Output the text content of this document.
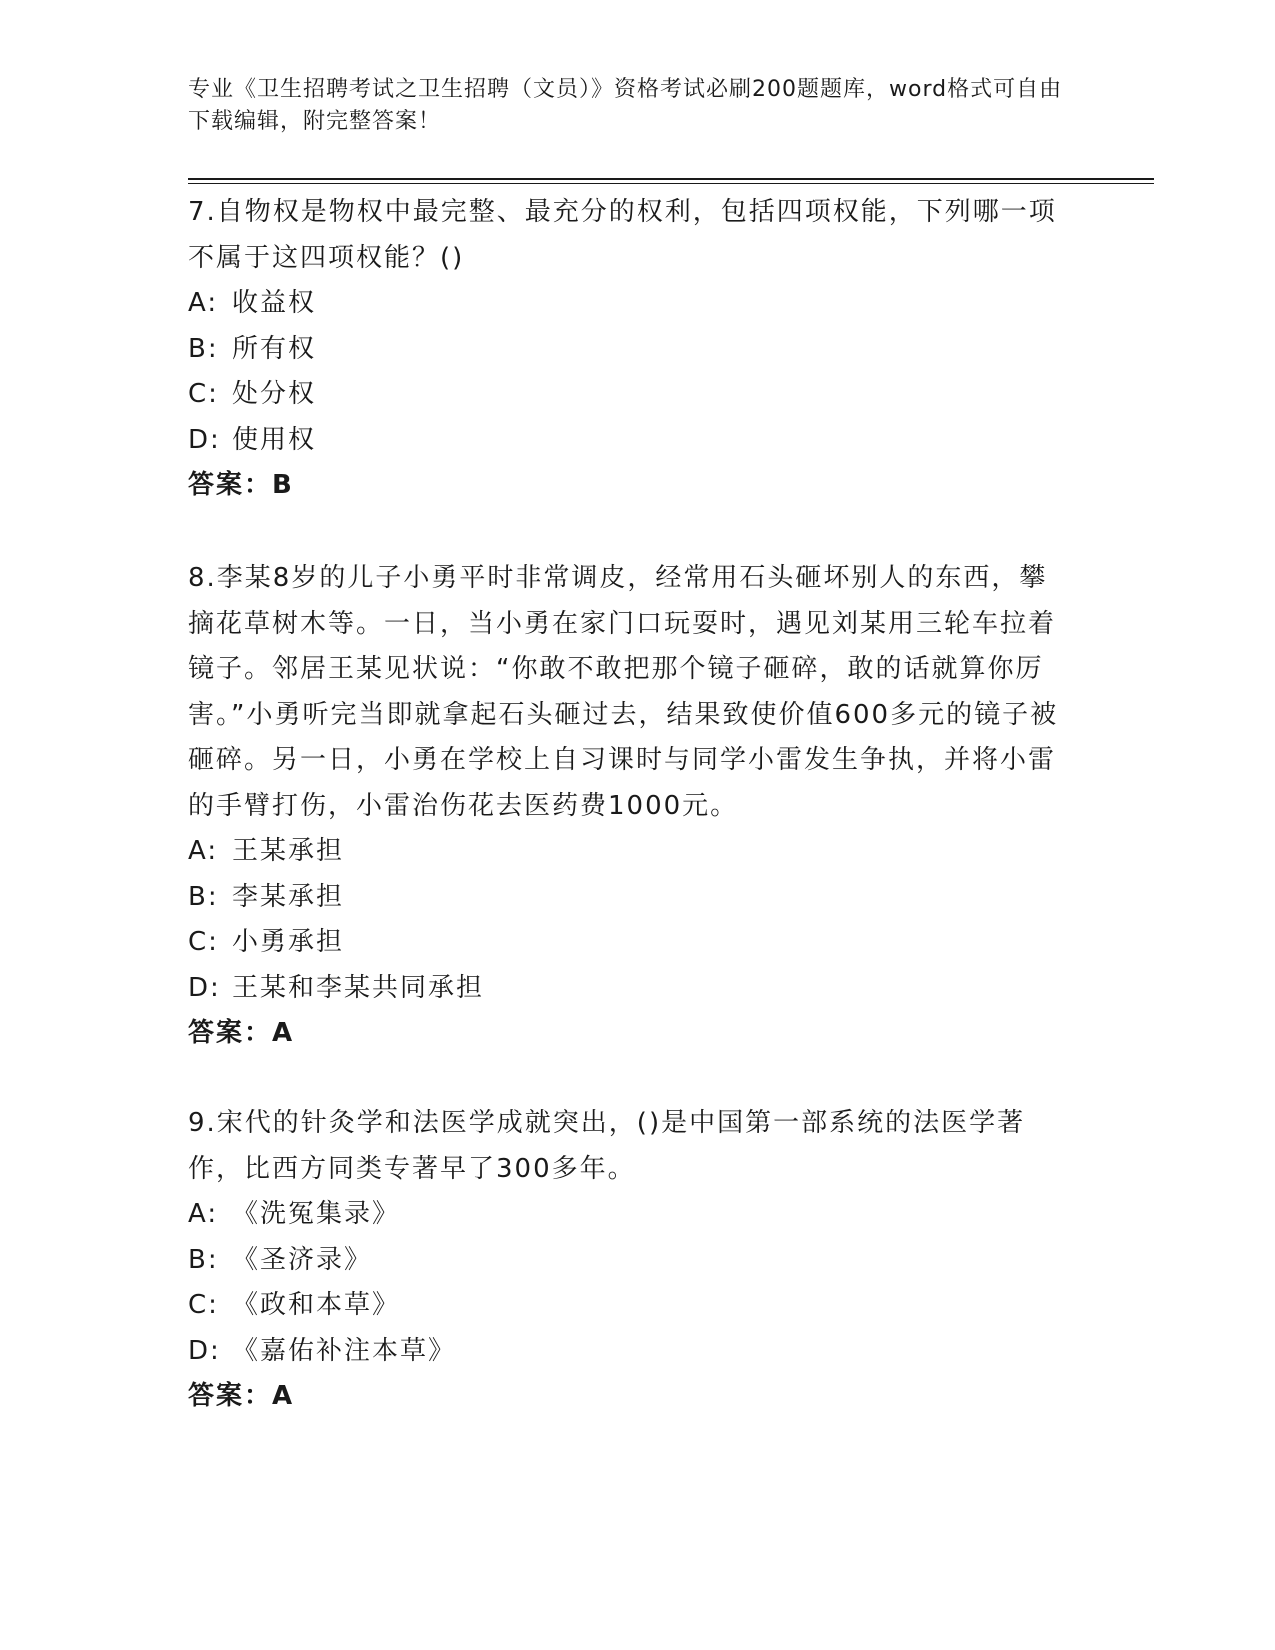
专业《卫生招聘考试之卫生招聘（文员）》资格考试必刷200题题库，word格式可自由下载编辑，附完整答案！

7.自物权是物权中最完整、最充分的权利，包括四项权能，下列哪一项不属于这四项权能？()

A: 收益权

B: 所有权

C: 处分权

D: 使用权

答案：B

8.李某8岁的儿子小勇平时非常调皮，经常用石头砸坏别人的东西，攀摘花草树木等。一日，当小勇在家门口玩耍时，遇见刘某用三轮车拉着镜子。邻居王某见状说：“你敢不敢把那个镜子砸碎，敢的话就算你厉害。”小勇听完当即就拿起石头砸过去，结果致使价值600多元的镜子被砸碎。另一日，小勇在学校上自习课时与同学小雷发生争执，并将小雷的手臂打伤，小雷治伤花去医药费1000元。

A: 王某承担

B: 李某承担

C: 小勇承担

D: 王某和李某共同承担

答案：A

9.宋代的针灸学和法医学成就突出，()是中国第一部系统的法医学著作，比西方同类专著早了300多年。

A: 《洗冤集录》

B: 《圣济录》

C: 《政和本草》

D: 《嘉佑补注本草》

答案：A
